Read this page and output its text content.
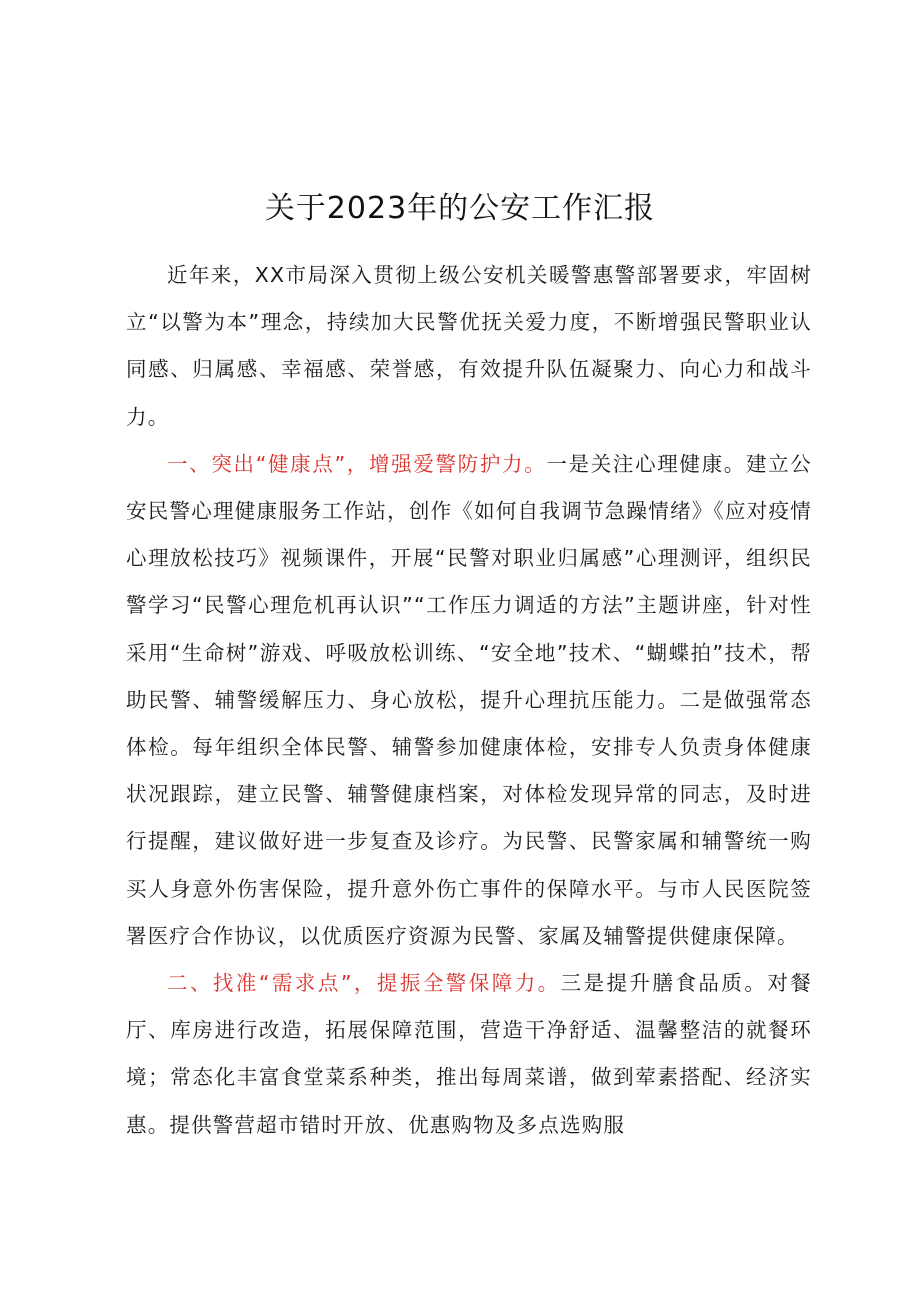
关于2023年的公安工作汇报

近年来，XX市局深入贯彻上级公安机关暖警惠警部署要求，牢固树立“以警为本”理念，持续加大民警优抚关爱力度，不断增强民警职业认同感、归属感、幸福感、荣誉感，有效提升队伍凝聚力、向心力和战斗力。

一、突出“健康点”，增强爱警防护力。一是关注心理健康。建立公安民警心理健康服务工作站，创作《如何自我调节急躁情绪》《应对疫情心理放松技巧》视频课件，开展“民警对职业归属感”心理测评，组织民警学习“民警心理危机再认识”“工作压力调适的方法”主题讲座，针对性采用“生命树”游戏、呼吸放松训练、“安全地”技术、“蝴蝶拍”技术，帮助民警、辅警缓解压力、身心放松，提升心理抗压能力。二是做强常态体检。每年组织全体民警、辅警参加健康体检，安排专人负责身体健康状况跟踪，建立民警、辅警健康档案，对体检发现异常的同志，及时进行提醒，建议做好进一步复查及诊疗。为民警、民警家属和辅警统一购买人身意外伤害保险，提升意外伤亡事件的保障水平。与市人民医院签署医疗合作协议，以优质医疗资源为民警、家属及辅警提供健康保障。

二、找准“需求点”，提振全警保障力。三是提升膳食品质。对餐厅、库房进行改造，拓展保障范围，营造干净舒适、温馨整洁的就餐环境；常态化丰富食堂菜系种类，推出每周菜谱，做到荤素搭配、经济实惠。提供警营超市错时开放、优惠购物及多点选购服
